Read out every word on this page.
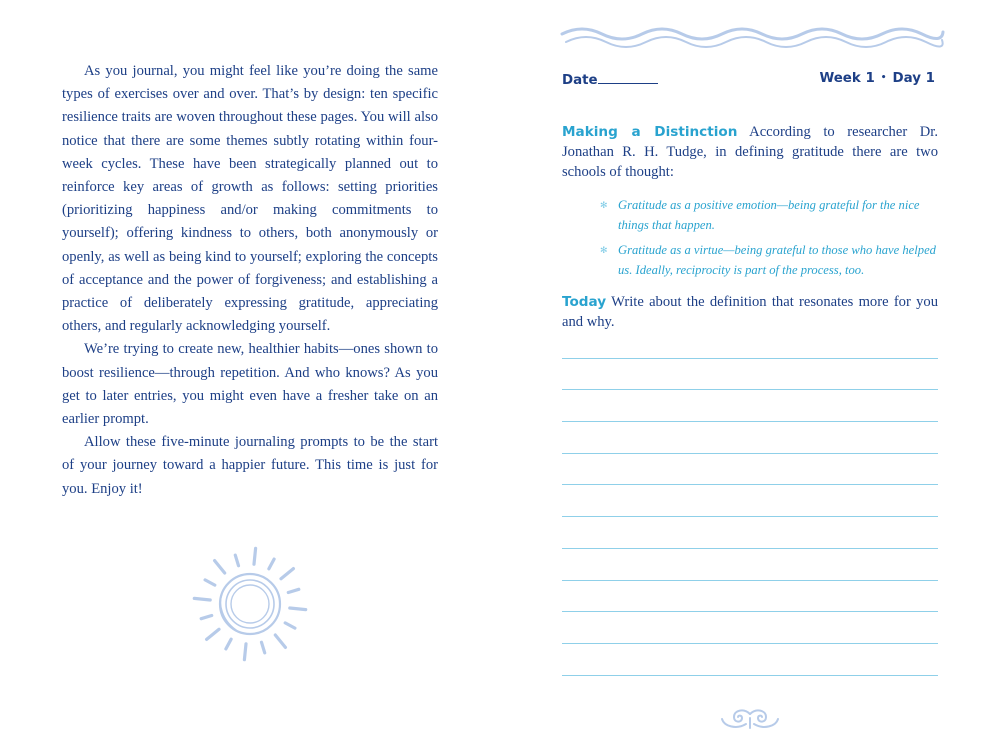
As you journal, you might feel like you’re doing the same types of exercises over and over. That’s by design: ten specific resilience traits are woven throughout these pages. You will also notice that there are some themes subtly rotating within four-week cycles. These have been strategically planned out to reinforce key areas of growth as follows: setting priorities (prioritizing happiness and/or making commitments to yourself); offering kindness to others, both anonymously or openly, as well as being kind to yourself; exploring the concepts of acceptance and the power of forgiveness; and establishing a practice of deliberately expressing gratitude, appreciating others, and regularly acknowledging yourself.

We’re trying to create new, healthier habits—ones shown to boost resilience—through repetition. And who knows? As you get to later entries, you might even have a fresher take on an earlier prompt.

Allow these five-minute journaling prompts to be the start of your journey toward a happier future. This time is just for you. Enjoy it!

Date	Week 1 • Day 1
Making a Distinction According to researcher Dr. Jonathan R. H. Tudge, in defining gratitude there are two schools of thought:
✻ Gratitude as a positive emotion—being grateful for the nice things that happen.
✻ Gratitude as a virtue—being grateful to those who have helped us. Ideally, reciprocity is part of the process, too.
Today Write about the definition that resonates more for you and why.
